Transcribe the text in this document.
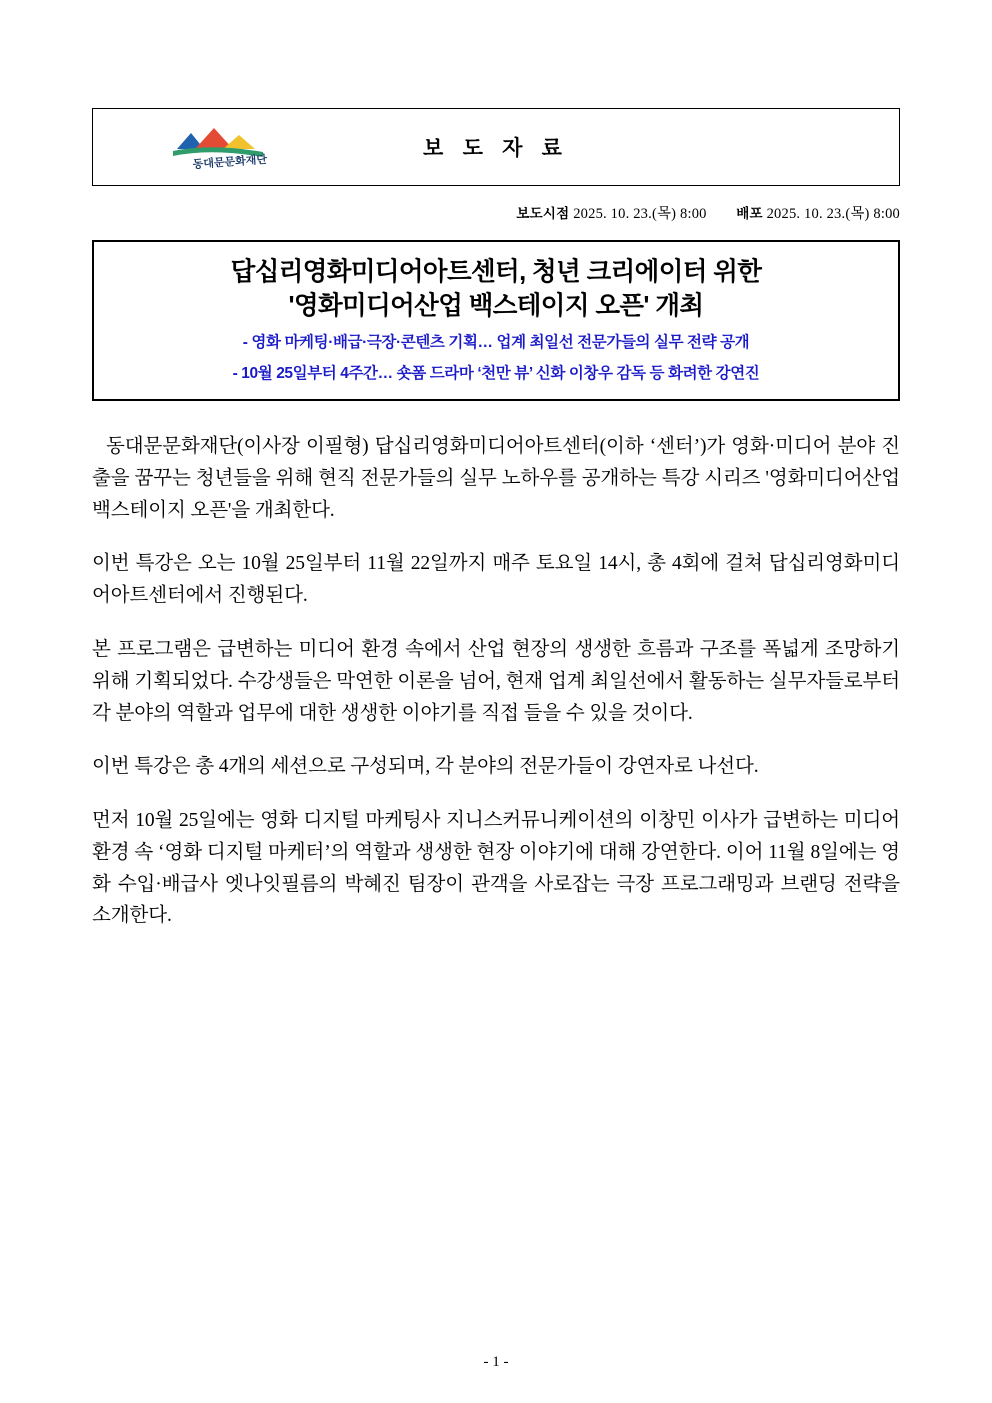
동대문문화재단
보 도 자 료
보도시점 2025. 10. 23.(목) 8:00 배포 2025. 10. 23.(목) 8:00
답십리영화미디어아트센터, 청년 크리에이터 위한
'영화미디어산업 백스테이지 오픈' 개최
- 영화 마케팅·배급·극장·콘텐츠 기획… 업계 최일선 전문가들의 실무 전략 공개
- 10월 25일부터 4주간… 숏폼 드라마 ‘천만 뷰’ 신화 이창우 감독 등 화려한 강연진

동대문문화재단(이사장 이필형) 답십리영화미디어아트센터(이하 ‘센터’)가 영화·미디어 분야 진출을 꿈꾸는 청년들을 위해 현직 전문가들의 실무 노하우를 공개하는 특강 시리즈 '영화미디어산업 백스테이지 오픈'을 개최한다.

이번 특강은 오는 10월 25일부터 11월 22일까지 매주 토요일 14시, 총 4회에 걸쳐 답십리영화미디어아트센터에서 진행된다.

본 프로그램은 급변하는 미디어 환경 속에서 산업 현장의 생생한 흐름과 구조를 폭넓게 조망하기 위해 기획되었다. 수강생들은 막연한 이론을 넘어, 현재 업계 최일선에서 활동하는 실무자들로부터 각 분야의 역할과 업무에 대한 생생한 이야기를 직접 들을 수 있을 것이다.

이번 특강은 총 4개의 세션으로 구성되며, 각 분야의 전문가들이 강연자로 나선다.

먼저 10월 25일에는 영화 디지털 마케팅사 지니스커뮤니케이션의 이창민 이사가 급변하는 미디어 환경 속 ‘영화 디지털 마케터’의 역할과 생생한 현장 이야기에 대해 강연한다. 이어 11월 8일에는 영화 수입·배급사 엣나잇필름의 박혜진 팀장이 관객을 사로잡는 극장 프로그래밍과 브랜딩 전략을 소개한다.

- 1 -
